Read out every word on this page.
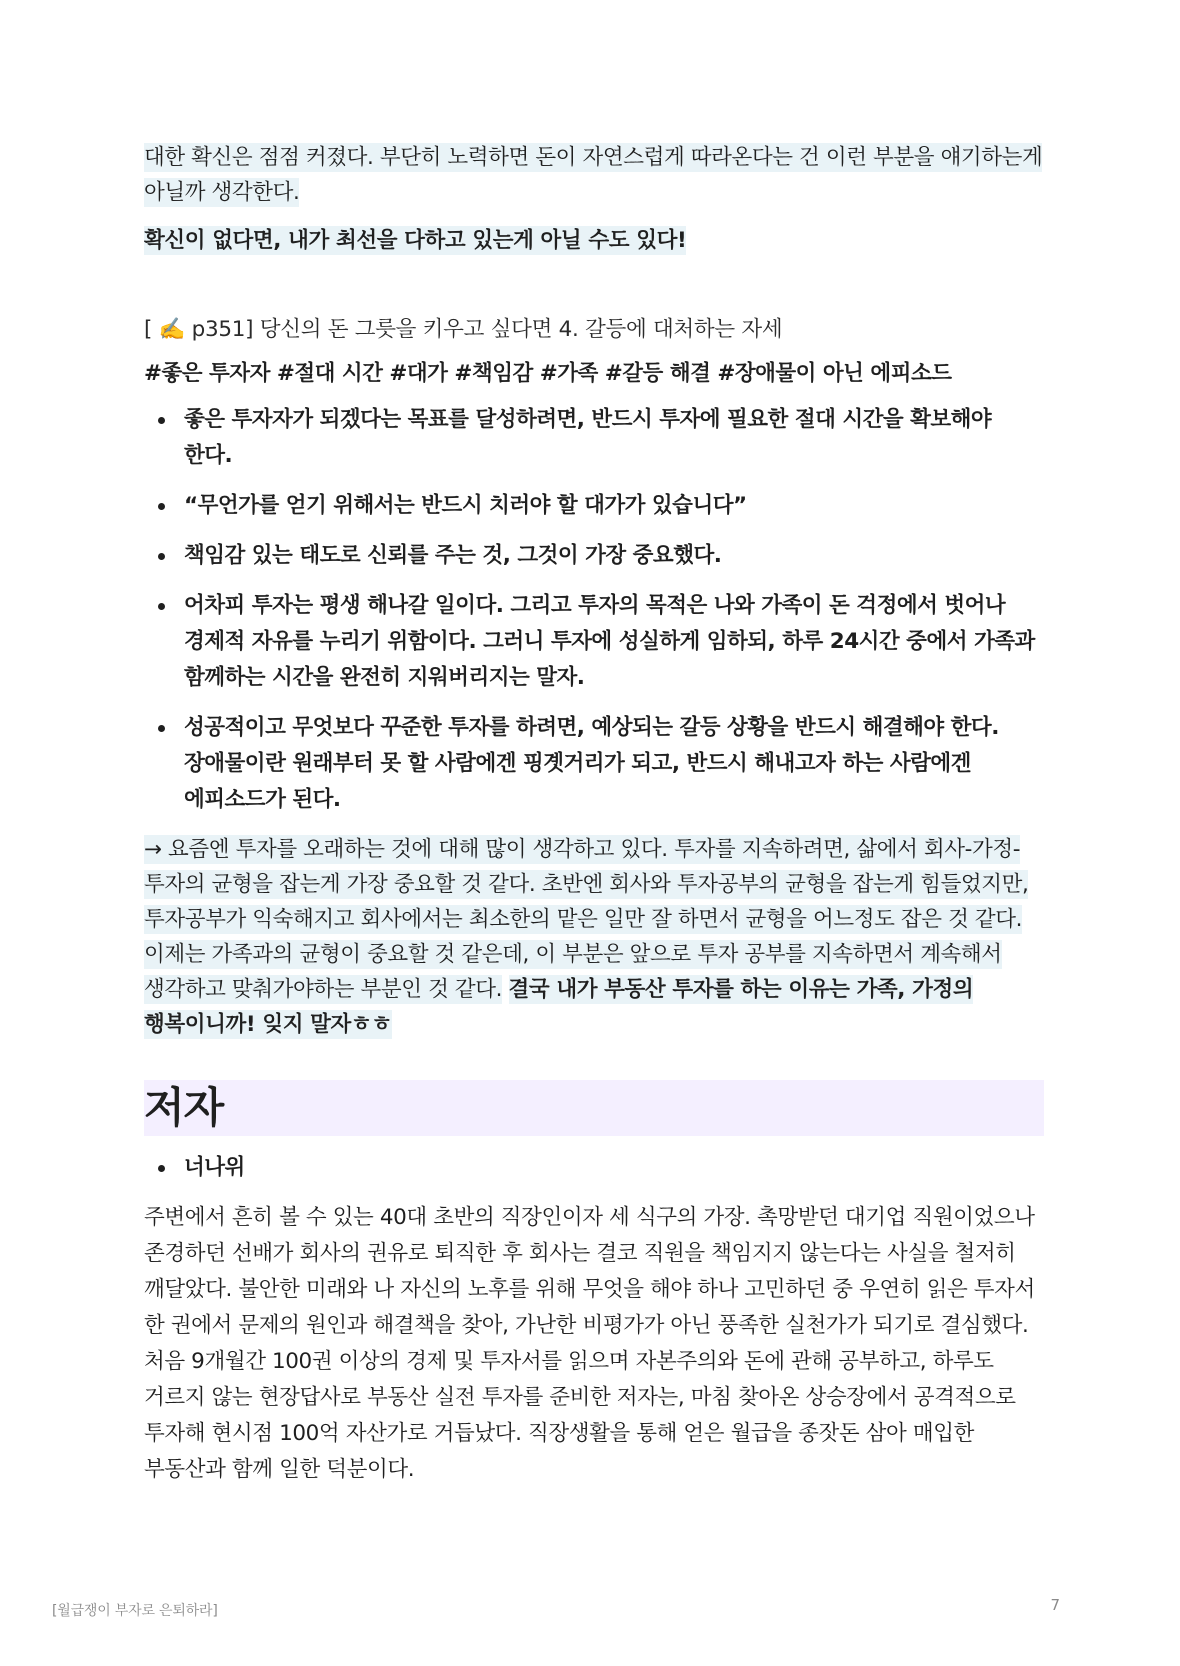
대한 확신은 점점 커졌다. 부단히 노력하면 돈이 자연스럽게 따라온다는 건 이런 부분을 얘기하는게 아닐까 생각한다.

확신이 없다면, 내가 최선을 다하고 있는게 아닐 수도 있다!

[ ✍️ p351] 당신의 돈 그릇을 키우고 싶다면 4. 갈등에 대처하는 자세

#좋은 투자자 #절대 시간 #대가 #책임감 #가족 #갈등 해결 #장애물이 아닌 에피소드

좋은 투자자가 되겠다는 목표를 달성하려면, 반드시 투자에 필요한 절대 시간을 확보해야 한다.
“무언가를 얻기 위해서는 반드시 치러야 할 대가가 있습니다”
책임감 있는 태도로 신뢰를 주는 것, 그것이 가장 중요했다.
어차피 투자는 평생 해나갈 일이다. 그리고 투자의 목적은 나와 가족이 돈 걱정에서 벗어나 경제적 자유를 누리기 위함이다. 그러니 투자에 성실하게 임하되, 하루 24시간 중에서 가족과 함께하는 시간을 완전히 지워버리지는 말자.
성공적이고 무엇보다 꾸준한 투자를 하려면, 예상되는 갈등 상황을 반드시 해결해야 한다. 장애물이란 원래부터 못 할 사람에겐 핑곗거리가 되고, 반드시 해내고자 하는 사람에겐 에피소드가 된다.

→ 요즘엔 투자를 오래하는 것에 대해 많이 생각하고 있다. 투자를 지속하려면, 삶에서 회사-가정-투자의 균형을 잡는게 가장 중요할 것 같다. 초반엔 회사와 투자공부의 균형을 잡는게 힘들었지만, 투자공부가 익숙해지고 회사에서는 최소한의 맡은 일만 잘 하면서 균형을 어느정도 잡은 것 같다. 이제는 가족과의 균형이 중요할 것 같은데, 이 부분은 앞으로 투자 공부를 지속하면서 계속해서 생각하고 맞춰가야하는 부분인 것 같다. 결국 내가 부동산 투자를 하는 이유는 가족, 가정의 행복이니까! 잊지 말자ㅎㅎ

저자
너나위

주변에서 흔히 볼 수 있는 40대 초반의 직장인이자 세 식구의 가장. 촉망받던 대기업 직원이었으나 존경하던 선배가 회사의 권유로 퇴직한 후 회사는 결코 직원을 책임지지 않는다는 사실을 철저히 깨달았다. 불안한 미래와 나 자신의 노후를 위해 무엇을 해야 하나 고민하던 중 우연히 읽은 투자서 한 권에서 문제의 원인과 해결책을 찾아, 가난한 비평가가 아닌 풍족한 실천가가 되기로 결심했다. 처음 9개월간 100권 이상의 경제 및 투자서를 읽으며 자본주의와 돈에 관해 공부하고, 하루도 거르지 않는 현장답사로 부동산 실전 투자를 준비한 저자는, 마침 찾아온 상승장에서 공격적으로 투자해 현시점 100억 자산가로 거듭났다. 직장생활을 통해 얻은 월급을 종잣돈 삼아 매입한 부동산과 함께 일한 덕분이다.

[월급쟁이 부자로 은퇴하라]	7
